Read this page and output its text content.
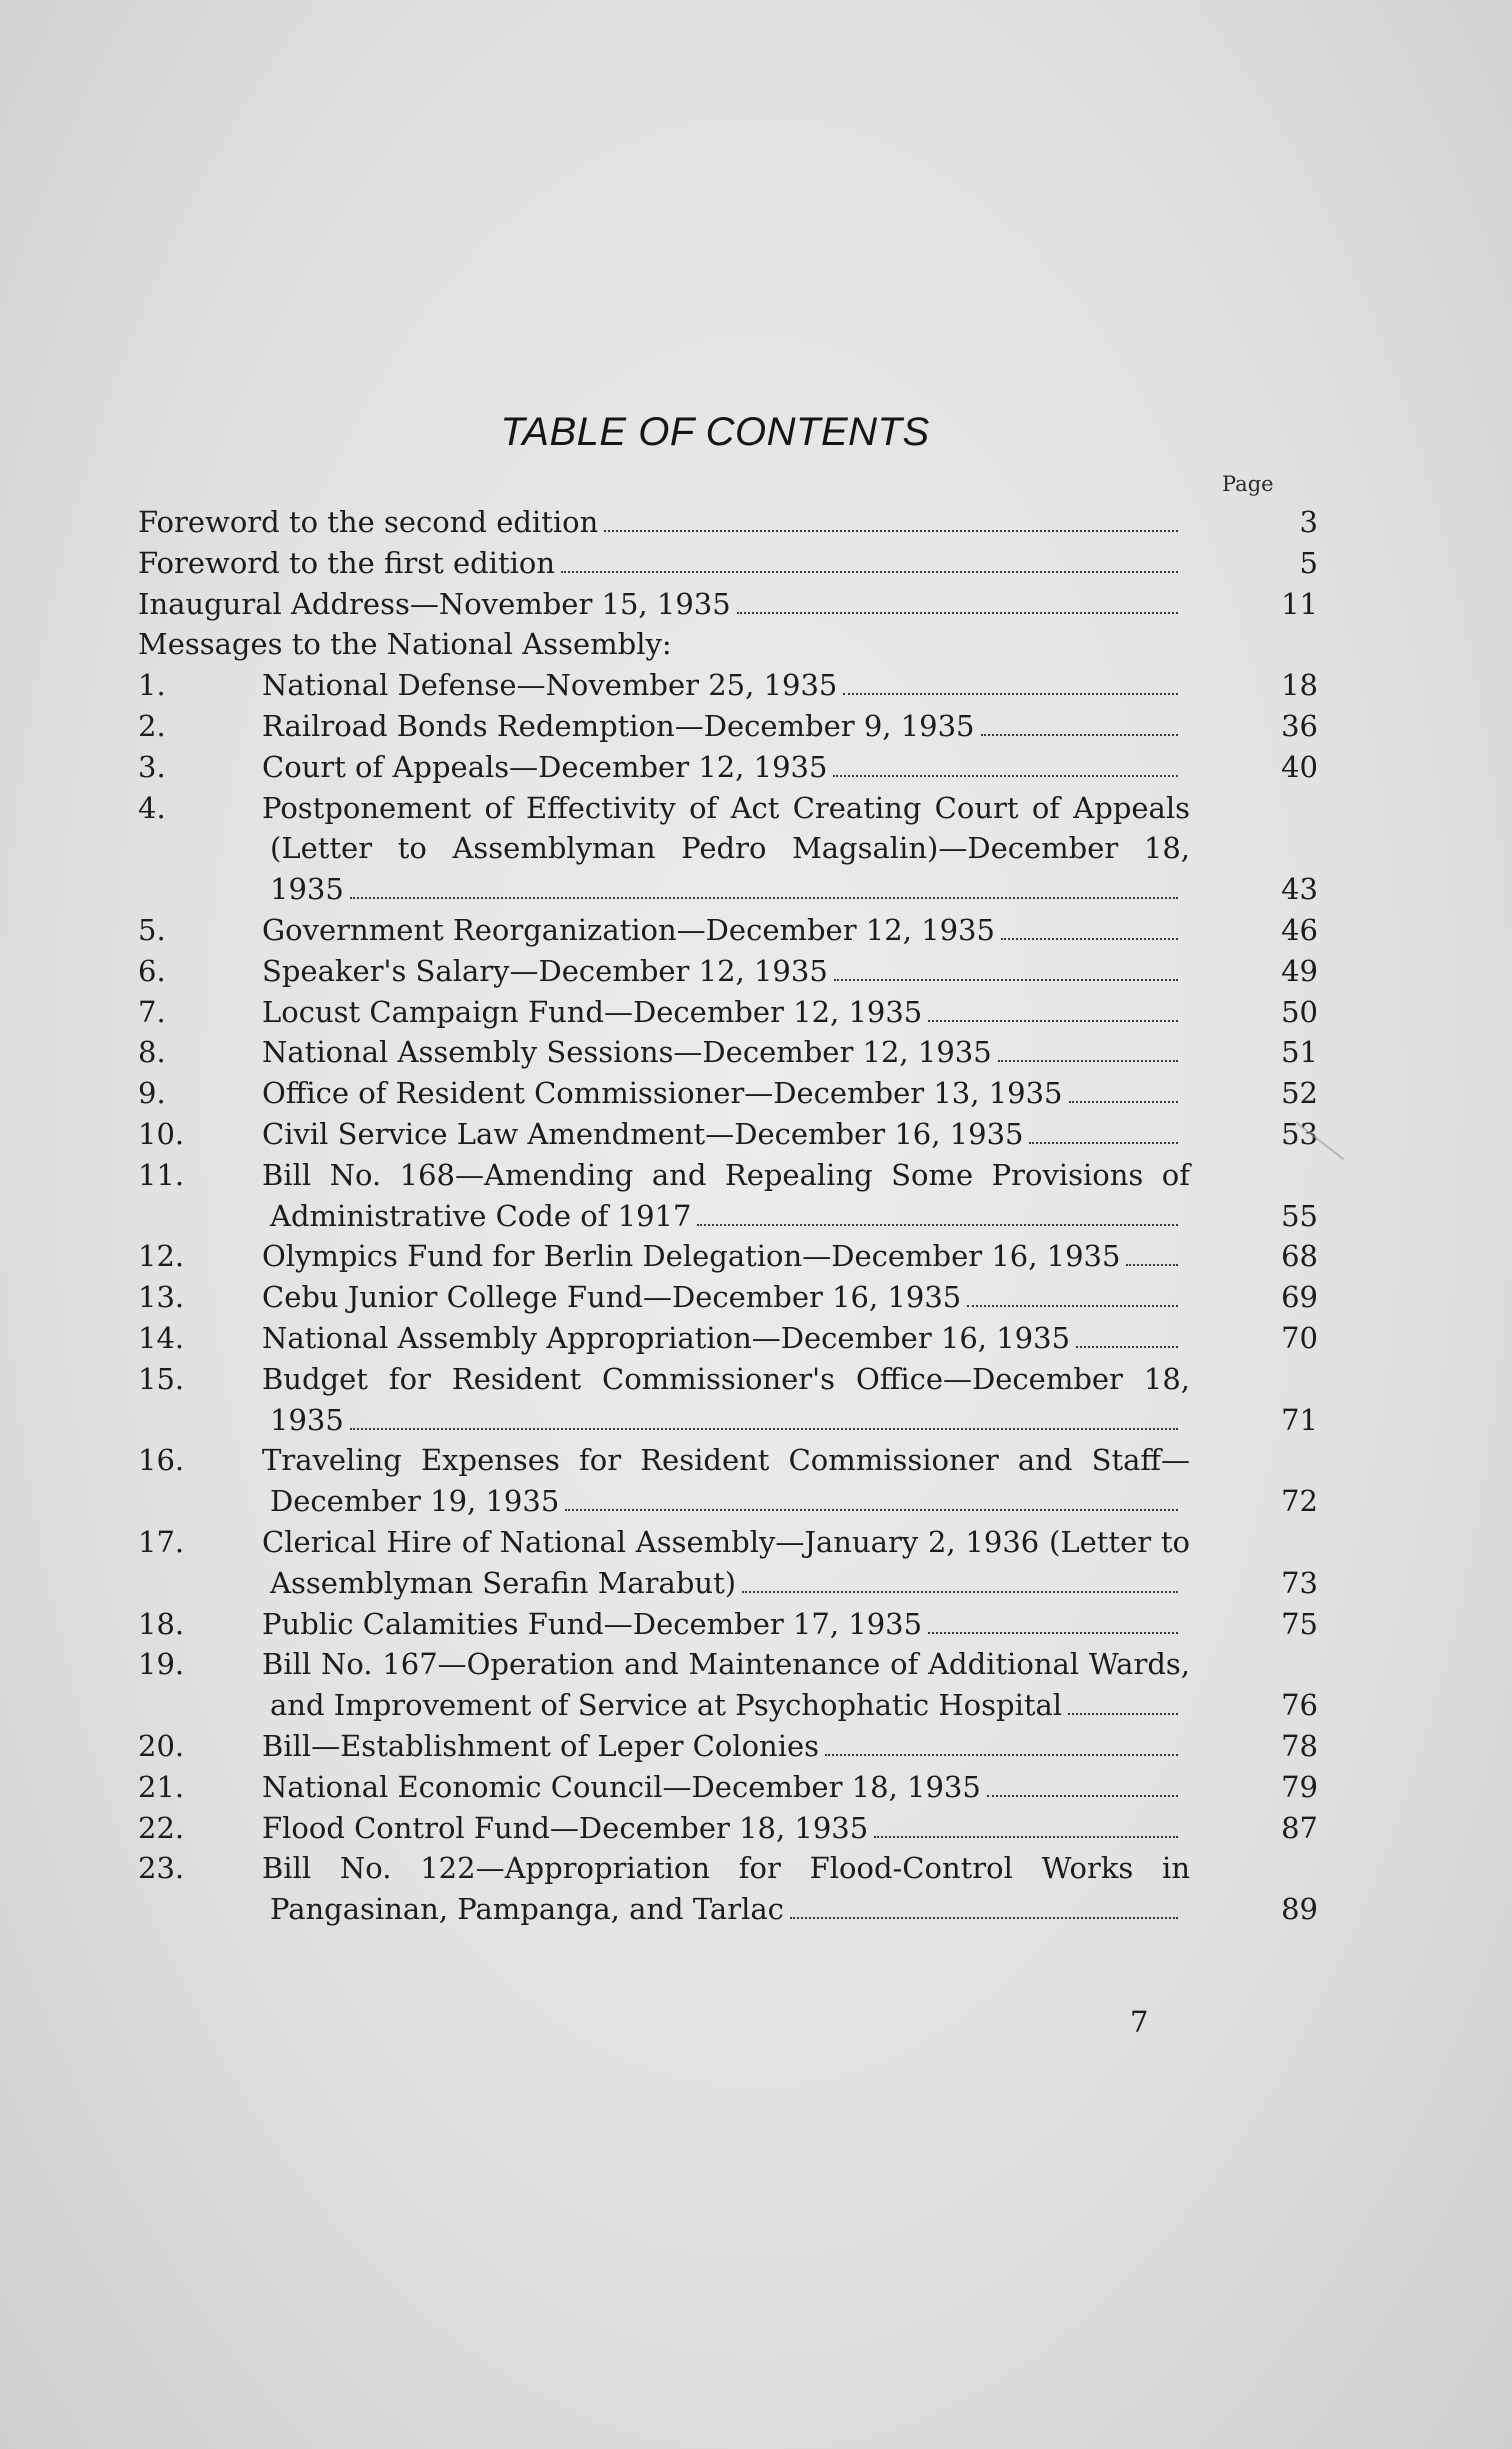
TABLE OF CONTENTS
Page
Foreword to the second edition	3
Foreword to the first edition	5
Inaugural Address—November 15, 1935	11
Messages to the National Assembly:
1.	National Defense—November 25, 1935	18
2.	Railroad Bonds Redemption—December 9, 1935	36
3.	Court of Appeals—December 12, 1935	40
4.	Postponement of Effectivity of Act Creating Court of Appeals (Letter to Assemblyman Pedro Magsalin)—December 18, 1935	43
5.	Government Reorganization—December 12, 1935	46
6.	Speaker's Salary—December 12, 1935	49
7.	Locust Campaign Fund—December 12, 1935	50
8.	National Assembly Sessions—December 12, 1935	51
9.	Office of Resident Commissioner—December 13, 1935	52
10.	Civil Service Law Amendment—December 16, 1935	53
11.	Bill No. 168—Amending and Repealing Some Provisions of Administrative Code of 1917	55
12.	Olympics Fund for Berlin Delegation—December 16, 1935	68
13.	Cebu Junior College Fund—December 16, 1935	69
14.	National Assembly Appropriation—December 16, 1935	70
15.	Budget for Resident Commissioner's Office—December 18, 1935	71
16.	Traveling Expenses for Resident Commissioner and Staff—December 19, 1935	72
17.	Clerical Hire of National Assembly—January 2, 1936 (Letter to Assemblyman Serafin Marabut)	73
18.	Public Calamities Fund—December 17, 1935	75
19.	Bill No. 167—Operation and Maintenance of Additional Wards, and Improvement of Service at Psychophatic Hospital	76
20.	Bill—Establishment of Leper Colonies	78
21.	National Economic Council—December 18, 1935	79
22.	Flood Control Fund—December 18, 1935	87
23.	Bill No. 122—Appropriation for Flood-Control Works in Pangasinan, Pampanga, and Tarlac	89
7
